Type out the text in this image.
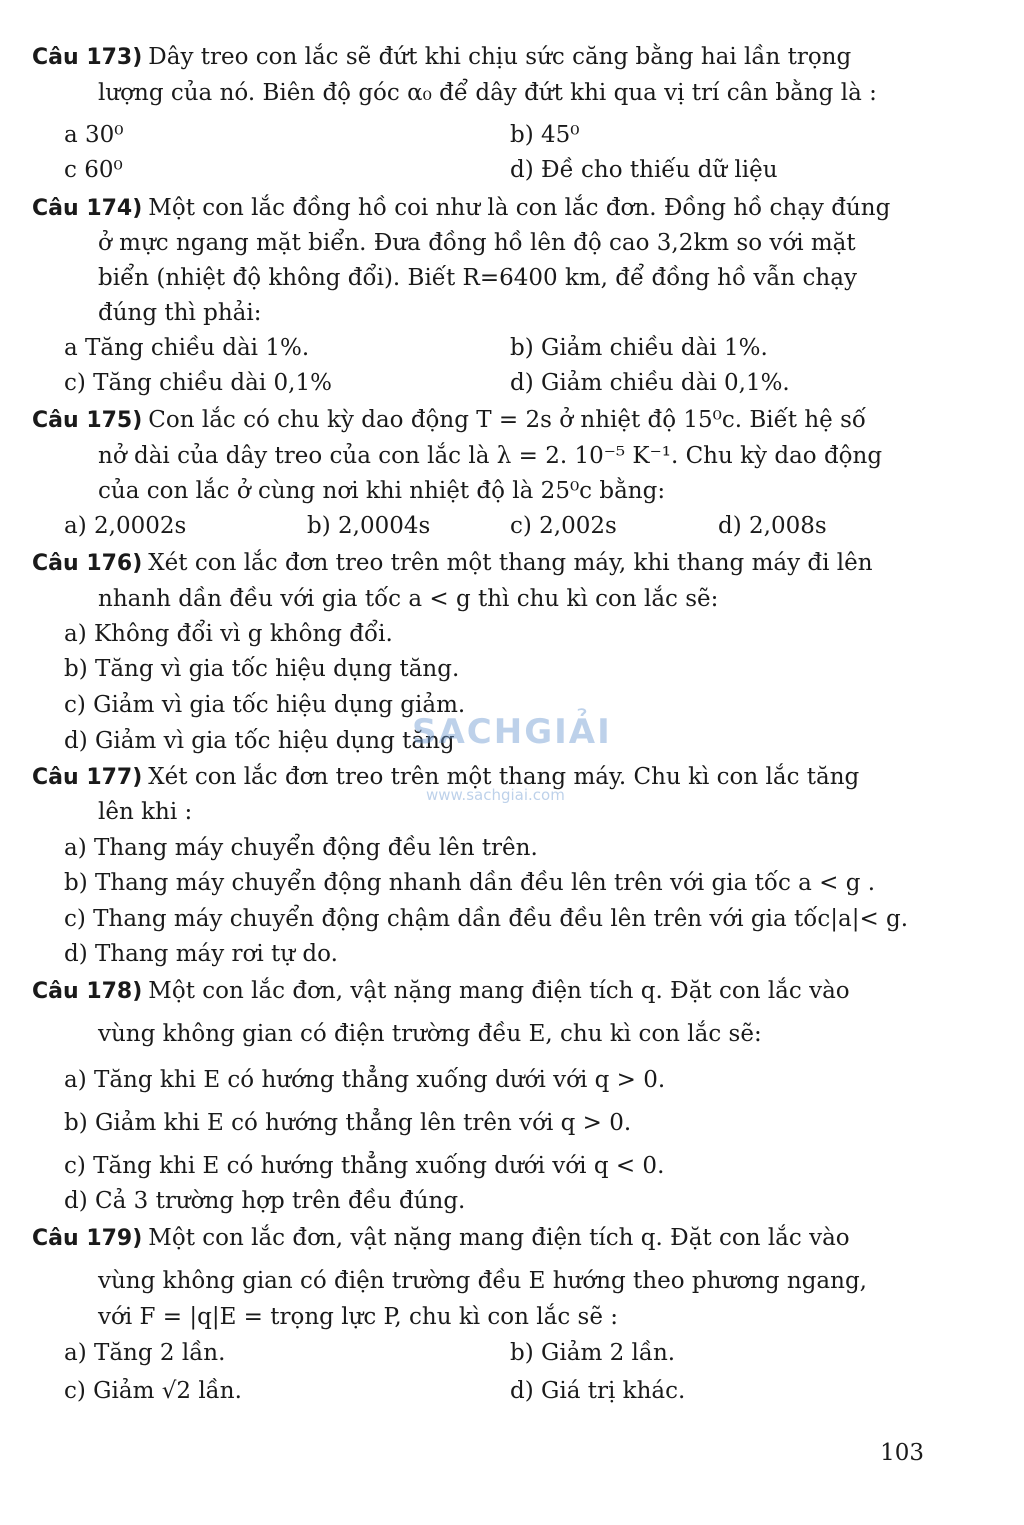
Câu 173) Dây treo con lắc sẽ đứt khi chịu sức căng bằng hai lần trọng
lượng của nó. Biên độ góc α₀ để dây đứt khi qua vị trí cân bằng là :
a 30⁰	b) 45⁰
c 60⁰	d) Đề cho thiếu dữ liệu
Câu 174) Một con lắc đồng hồ coi như là con lắc đơn. Đồng hồ chạy đúng
ở mực ngang mặt biển. Đưa đồng hồ lên độ cao 3,2km so với mặt
biển (nhiệt độ không đổi). Biết R=6400 km, để đồng hồ vẫn chạy
đúng thì phải:
a Tăng chiều dài 1%.	b) Giảm chiều dài 1%.
c) Tăng chiều dài 0,1%	d) Giảm chiều dài 0,1%.
Câu 175) Con lắc có chu kỳ dao động T = 2s ở nhiệt độ 15⁰c. Biết hệ số
nở dài của dây treo của con lắc là λ = 2. 10⁻⁵ K⁻¹. Chu kỳ dao động
của con lắc ở cùng nơi khi nhiệt độ là 25⁰c bằng:
a) 2,0002s	b) 2,0004s	c) 2,002s	d) 2,008s
Câu 176) Xét con lắc đơn treo trên một thang máy, khi thang máy đi lên
nhanh dần đều với gia tốc a < g thì chu kì con lắc sẽ:
a) Không đổi vì g không đổi.
b) Tăng vì gia tốc hiệu dụng tăng.
c) Giảm vì gia tốc hiệu dụng giảm.
d) Giảm vì gia tốc hiệu dụng tăng
Câu 177) Xét con lắc đơn treo trên một thang máy. Chu kì con lắc tăng
lên khi :
a) Thang máy chuyển động đều lên trên.
b) Thang máy chuyển động nhanh dần đều lên trên với gia tốc a < g .
c) Thang máy chuyển động chậm dần đều đều lên trên với gia tốc|a|< g.
d) Thang máy rơi tự do.
Câu 178) Một con lắc đơn, vật nặng mang điện tích q. Đặt con lắc vào
vùng không gian có điện trường đều E, chu kì con lắc sẽ:
a) Tăng khi E có hướng thẳng xuống dưới với q > 0.
b) Giảm khi E có hướng thẳng lên trên với q > 0.
c) Tăng khi E có hướng thẳng xuống dưới với q < 0.
d) Cả 3 trường hợp trên đều đúng.
Câu 179) Một con lắc đơn, vật nặng mang điện tích q. Đặt con lắc vào
vùng không gian có điện trường đều E hướng theo phương ngang,
với F = |q|E = trọng lực P, chu kì con lắc sẽ :
a) Tăng 2 lần.	b) Giảm 2 lần.
c) Giảm √2 lần.	d) Giá trị khác.
SACHGIẢI
www.sachgiai.com
103
